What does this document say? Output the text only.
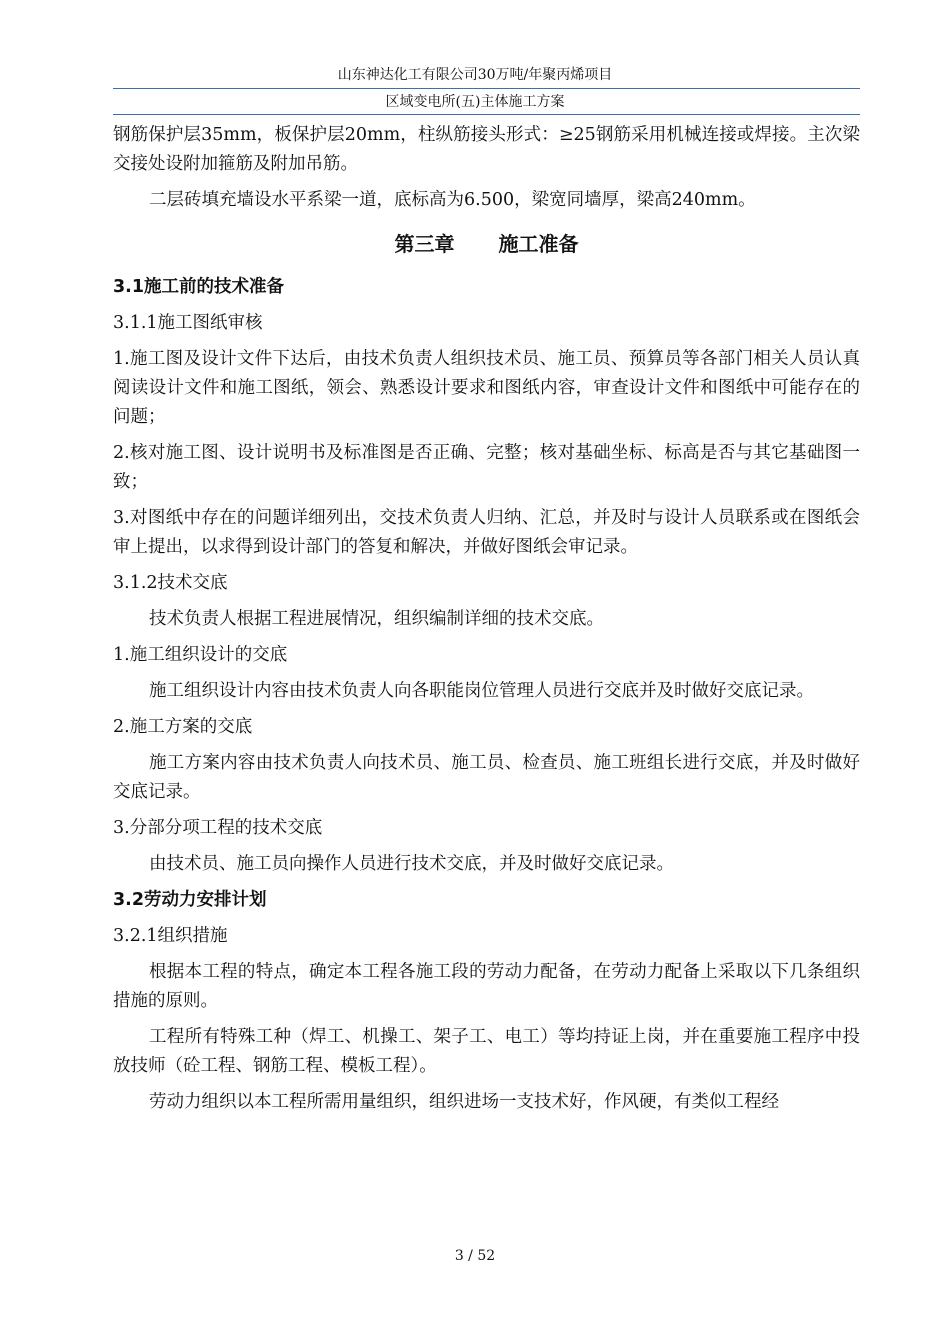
山东神达化工有限公司30万吨/年聚丙烯项目
区域变电所(五)主体施工方案

钢筋保护层35mm，板保护层20mm，柱纵筋接头形式：≥25钢筋采用机械连接或焊接。主次梁交接处设附加箍筋及附加吊筋。

二层砖填充墙设水平系梁一道，底标高为6.500，梁宽同墙厚，梁高240mm。

第三章 施工准备

3.1施工前的技术准备

3.1.1施工图纸审核

1.施工图及设计文件下达后，由技术负责人组织技术员、施工员、预算员等各部门相关人员认真阅读设计文件和施工图纸，领会、熟悉设计要求和图纸内容，审查设计文件和图纸中可能存在的问题；

2.核对施工图、设计说明书及标准图是否正确、完整；核对基础坐标、标高是否与其它基础图一致；

3.对图纸中存在的问题详细列出，交技术负责人归纳、汇总，并及时与设计人员联系或在图纸会审上提出，以求得到设计部门的答复和解决，并做好图纸会审记录。

3.1.2技术交底

技术负责人根据工程进展情况，组织编制详细的技术交底。

1.施工组织设计的交底

施工组织设计内容由技术负责人向各职能岗位管理人员进行交底并及时做好交底记录。

2.施工方案的交底

施工方案内容由技术负责人向技术员、施工员、检查员、施工班组长进行交底，并及时做好交底记录。

3.分部分项工程的技术交底

由技术员、施工员向操作人员进行技术交底，并及时做好交底记录。

3.2劳动力安排计划

3.2.1组织措施

根据本工程的特点，确定本工程各施工段的劳动力配备，在劳动力配备上采取以下几条组织措施的原则。

工程所有特殊工种（焊工、机操工、架子工、电工）等均持证上岗，并在重要施工程序中投放技师（砼工程、钢筋工程、模板工程）。

劳动力组织以本工程所需用量组织，组织进场一支技术好，作风硬，有类似工程经

3 / 52
